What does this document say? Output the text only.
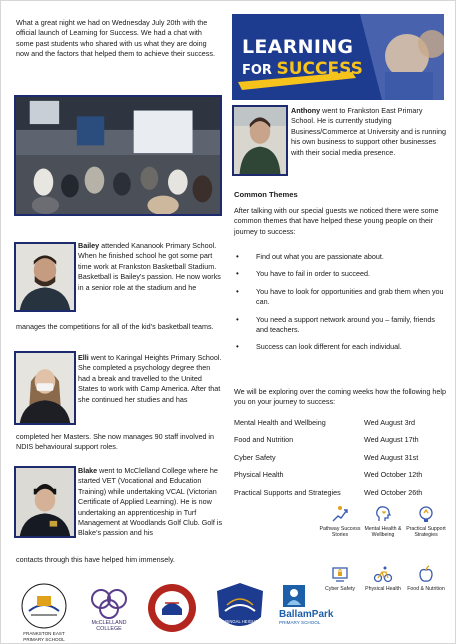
What a great night we had on Wednesday July 20th with the official launch of Learning for Success. We had a chat with some past students who shared with us what they are doing now and the factors that helped them to achieve their success. LEARNING
FOR SUCCESS

Anthony went to Frankston East Primary School. He is currently studying Business/Commerce at University and is running his own business to support other businesses with their social media presence.

Common Themes

After talking with our special guests we noticed there were some common themes that have helped these young people on their journey to success:

• Find out what you are passionate about.
• You have to fail in order to succeed.
• You have to look for opportunities and grab them when you can.
• You need a support network around you – family, friends and teachers.
• Success can look different for each individual.

Bailey attended Kananook Primary School. When he finished school he got some part time work at Frankston Basketball Stadium. Basketball is Bailey’s passion. He now works in a senior role at the stadium and he
manages the competitions for all of the kid’s basketball teams.
Elli went to Karingal Heights Primary School. She completed a psychology degree then had a break and travelled to the United States to work with Camp America. After that she continued her studies and has
completed her Masters. She now manages 90 staff involved in NDIS behavioural support roles.
Blake went to McClelland College where he started VET (Vocational and Education Training) while undertaking VCAL (Victorian Certificate of Applied Learning). He is now undertaking an apprenticeship in Turf Management at Woodlands Golf Club. Golf is Blake’s passion and his
contacts through this have helped him immensely.

We will be exploring over the coming weeks how the following help you on your journey to success:

Mental Health and Wellbeing	Wed August 3rd
Food and Nutrition	Wed August 17th
Cyber Safety	Wed August 31st
Physical Health	Wed October 12th
Practical Supports and Strategies	Wed October 26th
Pathway Success Stories
Mental Health & Wellbeing
Practical Support Strategies
Cyber Safety	Physical Health	Food & Nutrition
FRANKSTON EAST PRIMARY SCHOOL
McCLELLAND COLLEGE
KARINGAL HEIGHTS
BallamPark
PRIMARY SCHOOL
